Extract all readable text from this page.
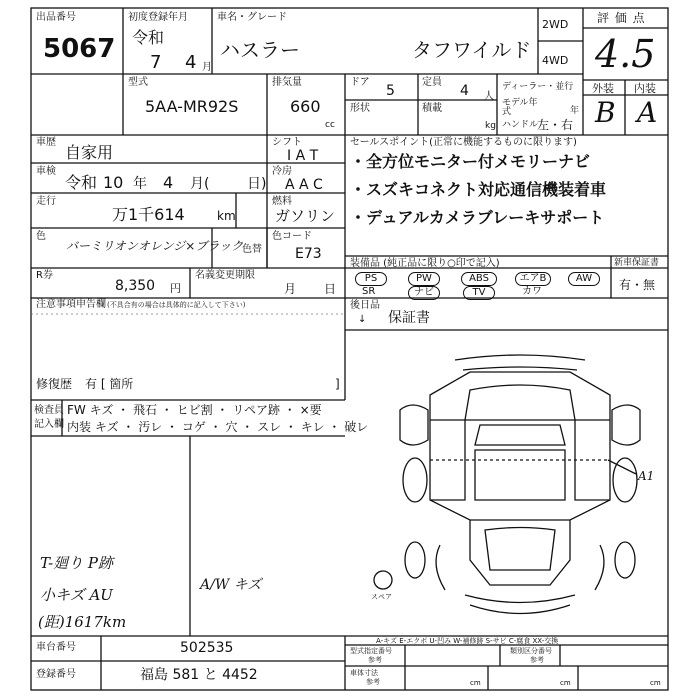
出品番号
5067
初度登録年月
令和
7 4 月
車名・グレード
ハスラー	タフワイルド
2WD
4WD
評 価 点
4.5
外装 内装
B A
型式
5AA-MR92S
排気量
660
cc
ドア
5
形状
定員
4 人
積載
kg
ディーラー・並行
モデル年式	年
ハンドル
左・右
車歴
自家用
車検
令和 10 年 4 月(	日)
走行
万1千614	km
色
バーミリオンオレンジ×ブラック
色替
シフト
I A T
冷房
A A C
燃料
ガソリン
色コード
E73
セールスポイント(正常に機能するものに限ります)
・全方位モニター付メモリーナビ
・スズキコネクト対応通信機装着車
・デュアルカメラブレーキサポート
装備品 (純正品に限り○印で記入)	新車保証書
有・無
PS	PW	ABS	エアB	AW
SR	ナビ	TV	カワ
R券
8,350 円
名義変更期限
月 日
注意事項申告欄 (不具合有の場合は具体的に記入して下さい)
修復歴 有 [ 箇所	]
後日品
↓ 保証書
検査員
記入欄
FW キズ ・ 飛石 ・ ヒビ割 ・ リペア跡 ・ ×要
内装 キズ ・ 汚レ ・ コゲ ・ 穴 ・ スレ ・ キレ ・ 破レ
T-廻り P跡
小キズ AU
(距)1617km
A/W キズ
A1
スペア
A-キズ E-エクボ U-凹み W-補修跡 S-サビ C-腐食 XX-交換
車台番号	502535
登録番号	福島 581 と 4452
型式指定番号
参考
類別区分番号
参考
車体寸法
参考	cm	cm	cm
